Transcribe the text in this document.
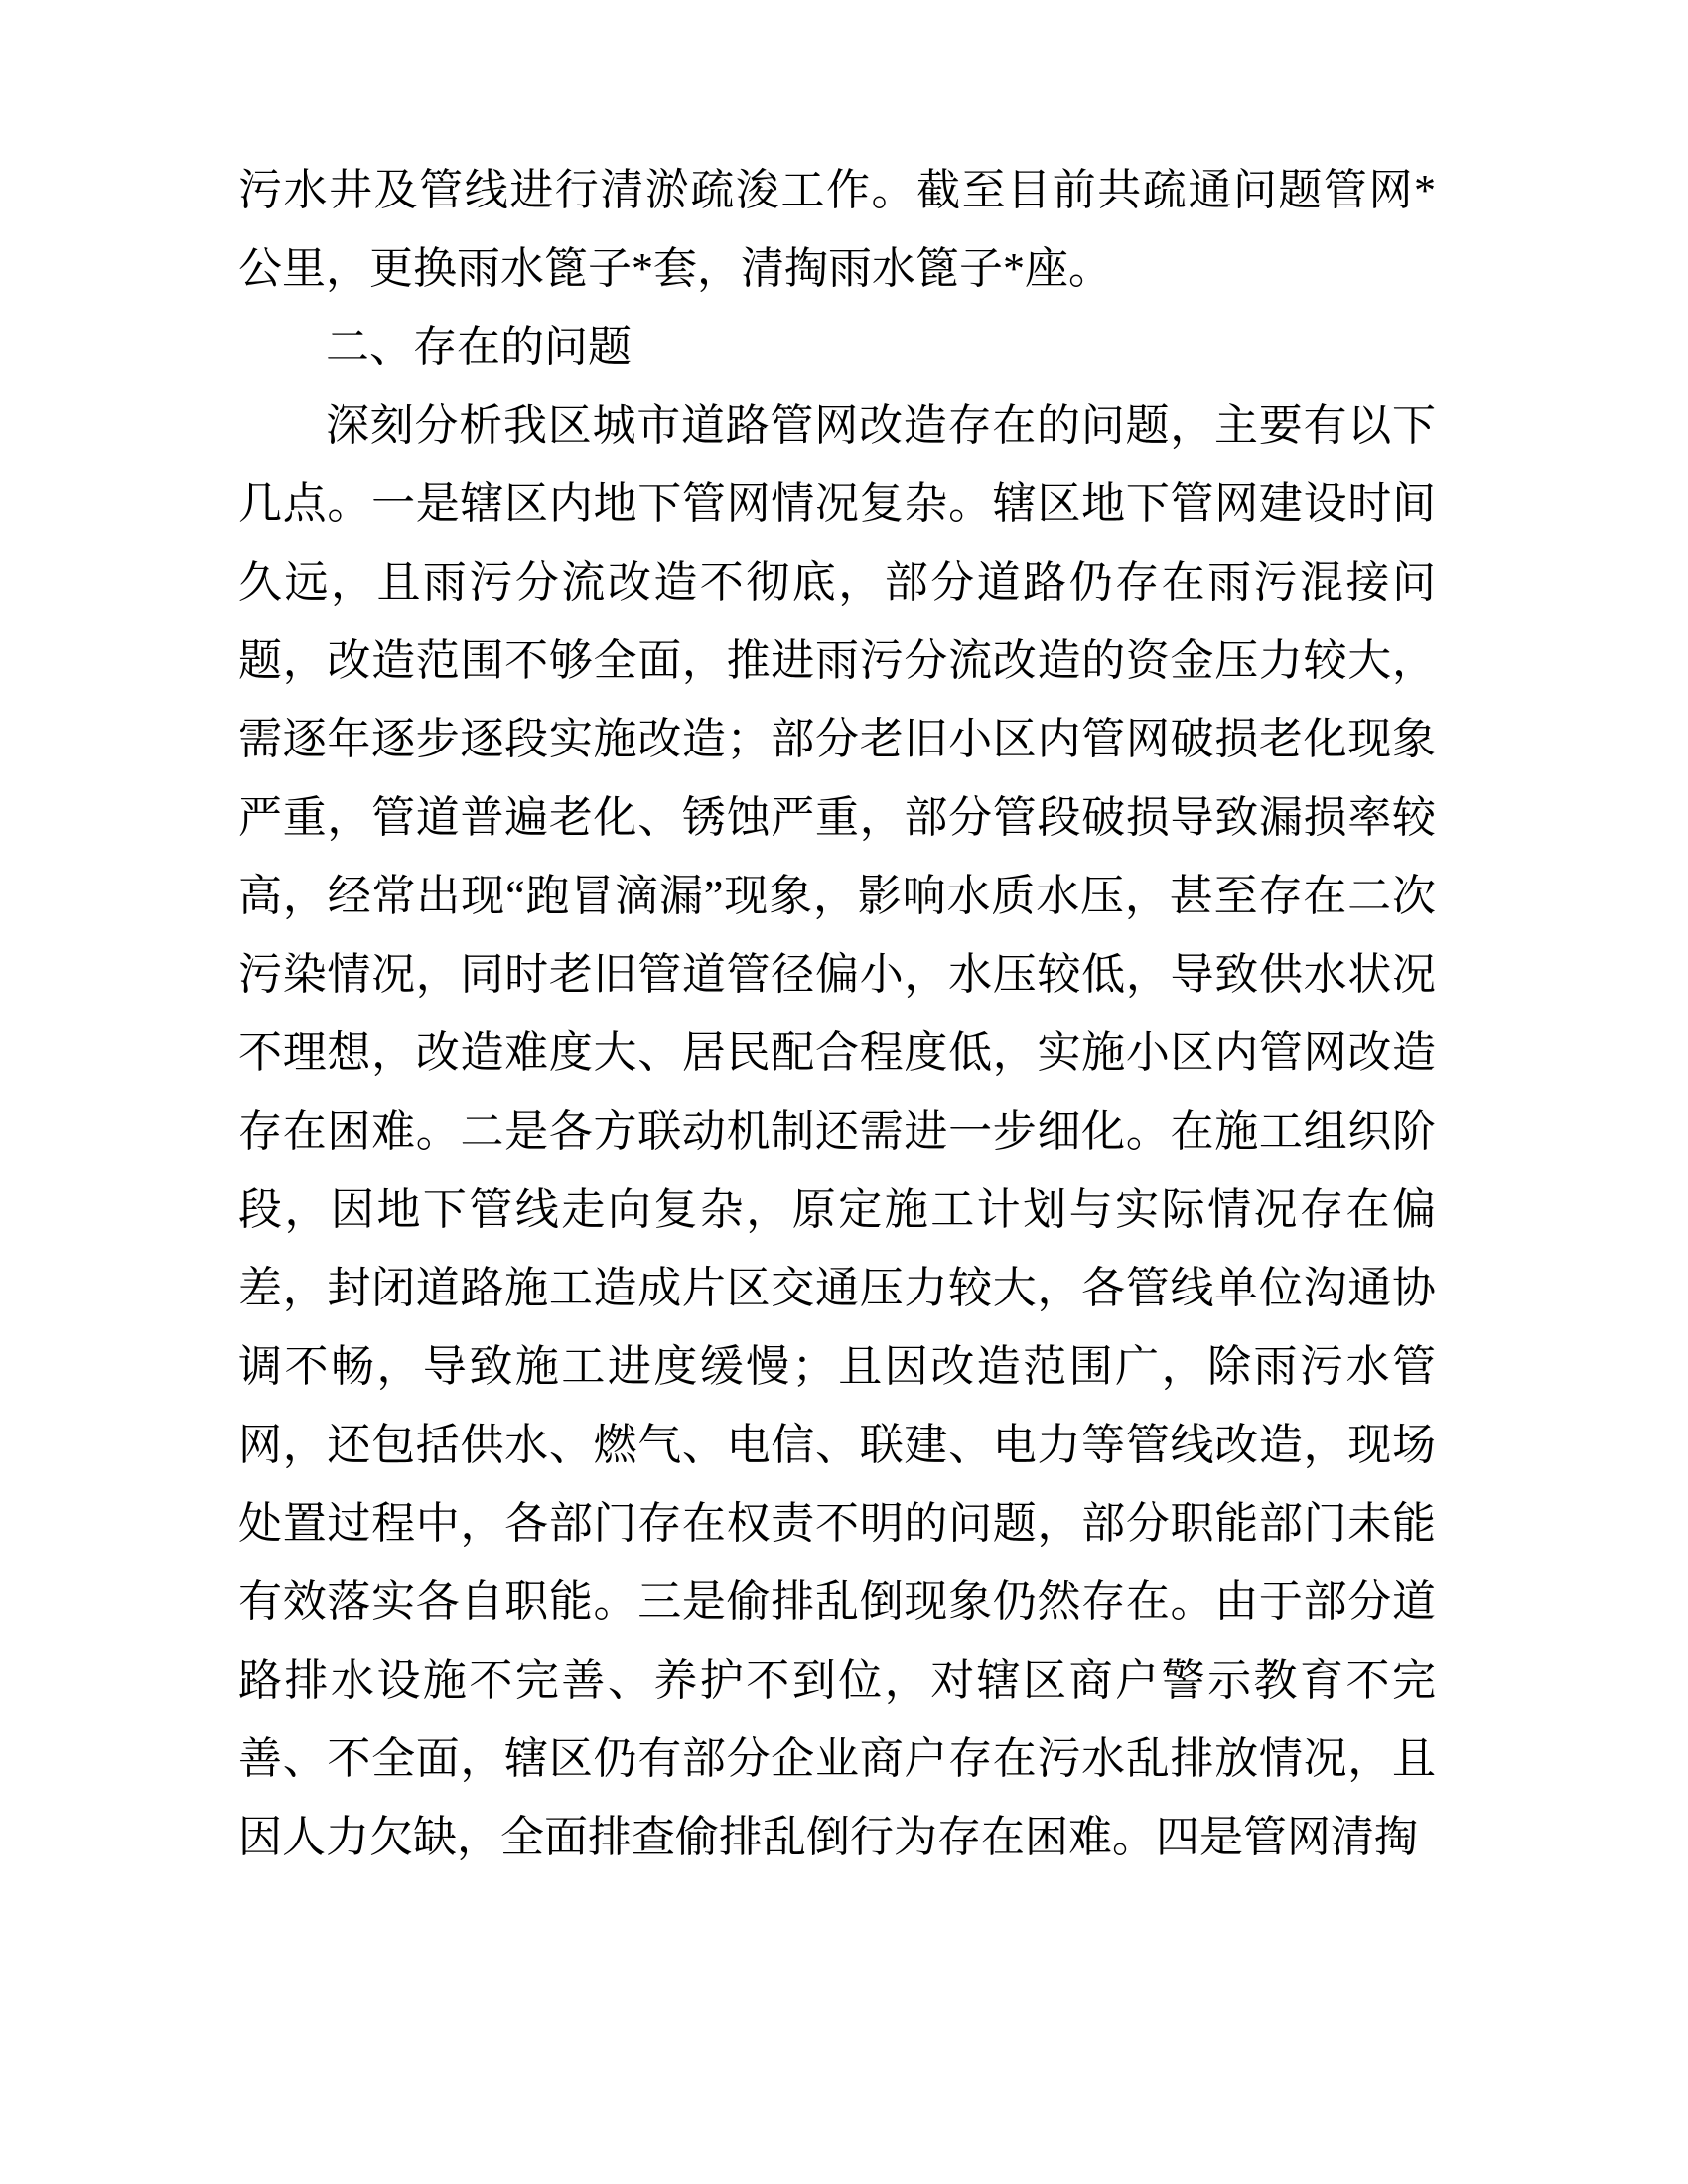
污水井及管线进行清淤疏浚工作。截至目前共疏通问题管网*公里，更换雨水篦子*套，清掏雨水篦子*座。

二、存在的问题

深刻分析我区城市道路管网改造存在的问题，主要有以下几点。一是辖区内地下管网情况复杂。辖区地下管网建设时间久远，且雨污分流改造不彻底，部分道路仍存在雨污混接问题，改造范围不够全面，推进雨污分流改造的资金压力较大，需逐年逐步逐段实施改造；部分老旧小区内管网破损老化现象严重，管道普遍老化、锈蚀严重，部分管段破损导致漏损率较高，经常出现“跑冒滴漏”现象，影响水质水压，甚至存在二次污染情况，同时老旧管道管径偏小，水压较低，导致供水状况不理想，改造难度大、居民配合程度低，实施小区内管网改造存在困难。二是各方联动机制还需进一步细化。在施工组织阶段，因地下管线走向复杂，原定施工计划与实际情况存在偏差，封闭道路施工造成片区交通压力较大，各管线单位沟通协调不畅，导致施工进度缓慢；且因改造范围广，除雨污水管网，还包括供水、燃气、电信、联建、电力等管线改造，现场处置过程中，各部门存在权责不明的问题，部分职能部门未能有效落实各自职能。三是偷排乱倒现象仍然存在。由于部分道路排水设施不完善、养护不到位，对辖区商户警示教育不完善、不全面，辖区仍有部分企业商户存在污水乱排放情况，且因人力欠缺，全面排查偷排乱倒行为存在困难。四是管网清掏
